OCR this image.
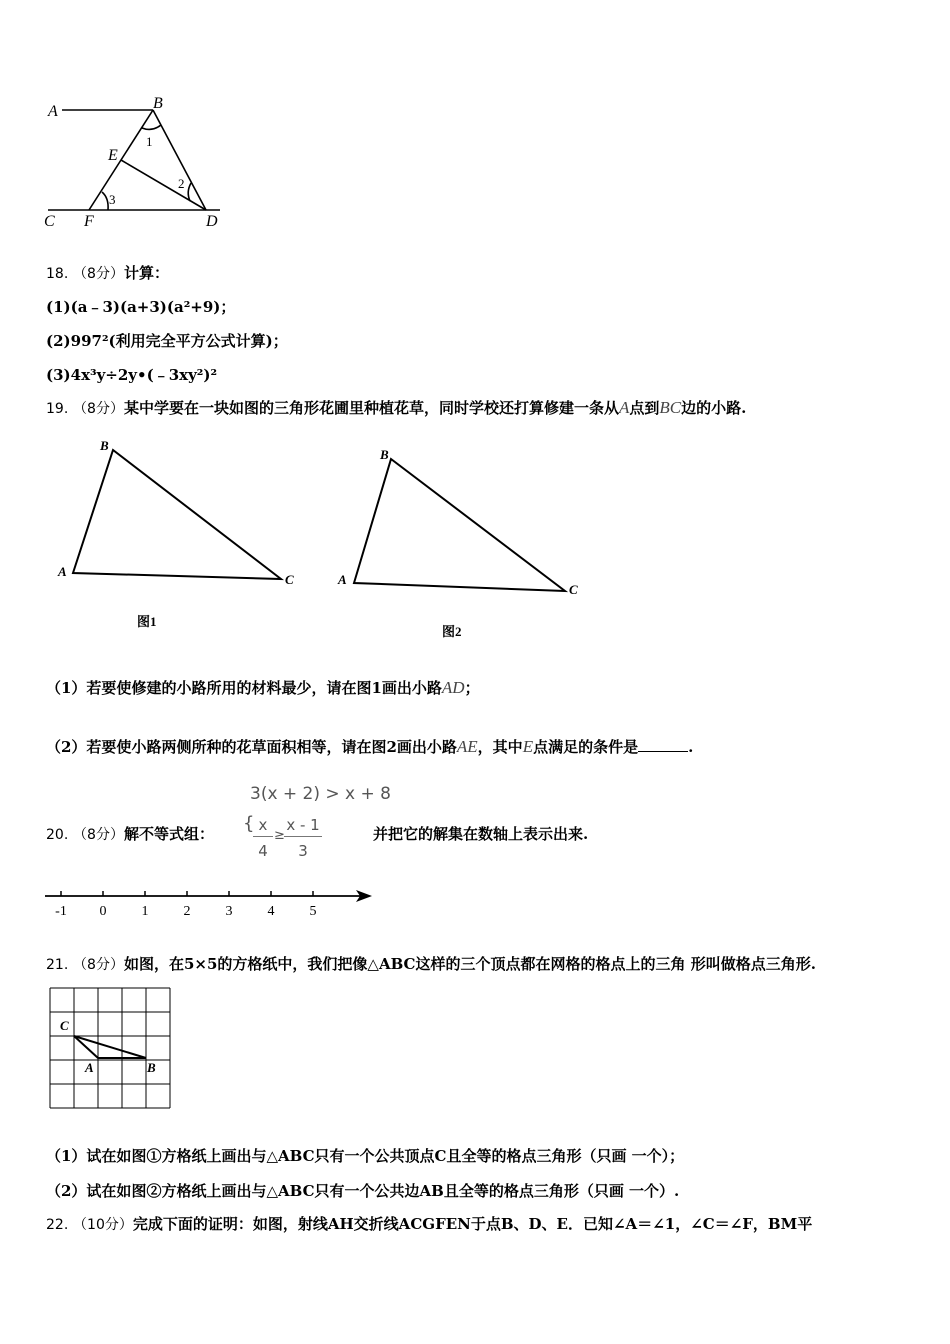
A	B
C	D
E
F
1
2
3
18. （8分）计算：
(1)(a﹣3)(a+3)(a²+9)；
(2)997²(利用完全平方公式计算)；
(3)4x³y÷2y•(﹣3xy²)²
19. （8分）某中学要在一块如图的三角形花圃里种植花草，同时学校还打算修建一条从A点到BC边的小路.
B
A
C
图1
B
A
C
图2
（1）若要使修建的小路所用的材料最少，请在图1画出小路AD；
（2）若要使小路两侧所种的花草面积相等，请在图2画出小路AE，其中E点满足的条件是	.
20. （8分）解不等式组：
3(x + 2) > x + 8
{ x
4
≥
x - 1
3
并把它的解集在数轴上表示出来.
-1 0	1	2	3	4	5
21. （8分）如图，在5×5的方格纸中，我们把像△ABC这样的三个顶点都在网格的格点上的三角 形叫做格点三角形.
C
A	B
（1）试在如图①方格纸上画出与△ABC只有一个公共顶点C且全等的格点三角形（只画 一个）；
（2）试在如图②方格纸上画出与△ABC只有一个公共边AB且全等的格点三角形（只画 一个）.
22. （10分）完成下面的证明：如图，射线AH交折线ACGFEN于点B、D、E．已知∠A＝∠1，∠C＝∠F，BM平
